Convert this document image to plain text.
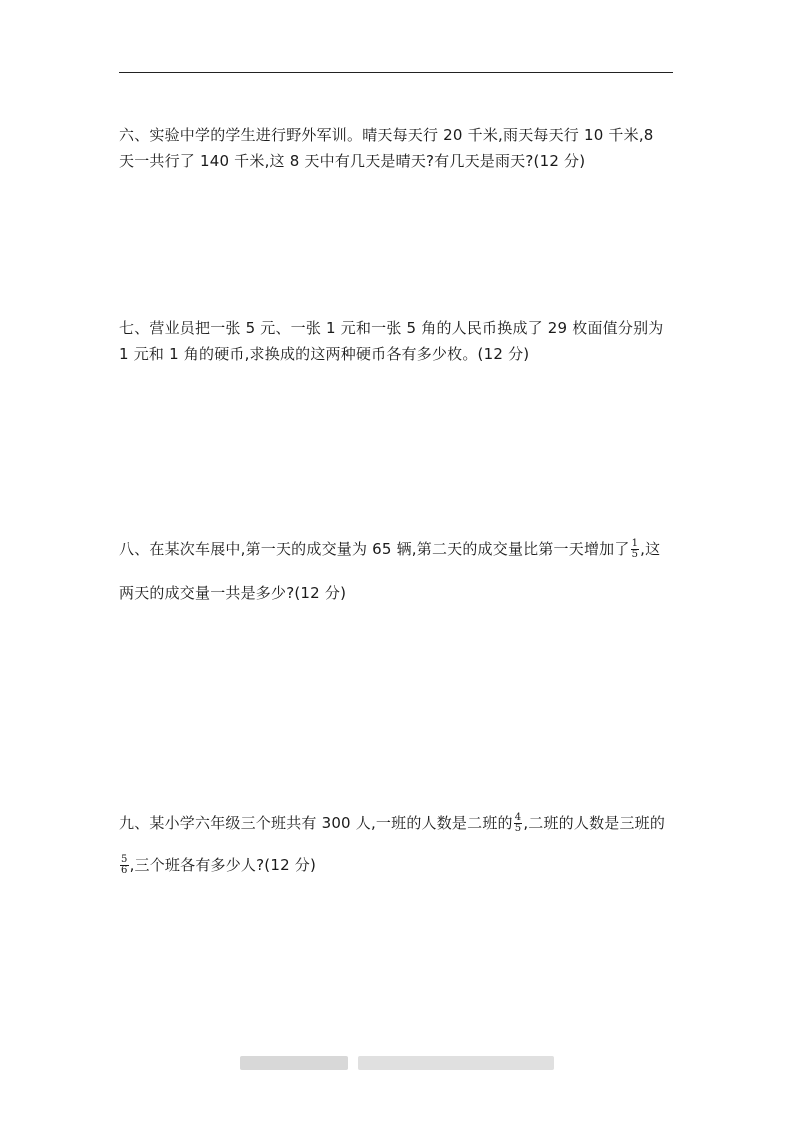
六、实验中学的学生进行野外军训。晴天每天行 20 千米,雨天每天行 10 千米,8
天一共行了 140 千米,这 8 天中有几天是晴天?有几天是雨天?(12 分)
七、营业员把一张 5 元、一张 1 元和一张 5 角的人民币换成了 29 枚面值分别为
1 元和 1 角的硬币,求换成的这两种硬币各有多少枚。(12 分)
八、在某次车展中,第一天的成交量为 65 辆,第二天的成交量比第一天增加了 $\frac{1}{5}$ ,这
两天的成交量一共是多少?(12 分)
九、某小学六年级三个班共有 300 人,一班的人数是二班的 $\frac{4}{5}$ ,二班的人数是三班的
$\frac{5}{6}$ ,三个班各有多少人?(12 分)
